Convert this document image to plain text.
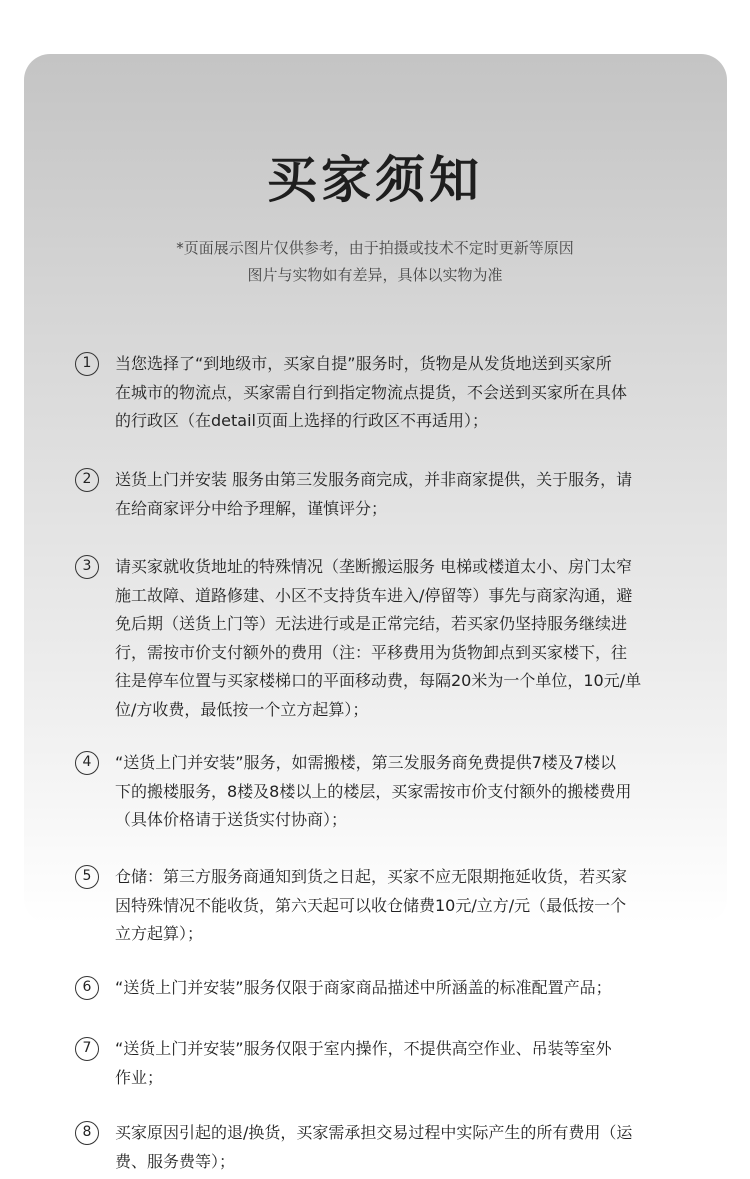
买家须知
*页面展示图片仅供参考，由于拍摄或技术不定时更新等原因
图片与实物如有差异，具体以实物为准
1	当您选择了“到地级市，买家自提”服务时，货物是从发货地送到买家所
在城市的物流点，买家需自行到指定物流点提货，不会送到买家所在具体
的行政区（在detail页面上选择的行政区不再适用）；
2	送货上门并安装 服务由第三发服务商完成，并非商家提供，关于服务，请
在给商家评分中给予理解，谨慎评分；
3	请买家就收货地址的特殊情况（垄断搬运服务 电梯或楼道太小、房门太窄
施工故障、道路修建、小区不支持货车进入/停留等）事先与商家沟通，避
免后期（送货上门等）无法进行或是正常完结，若买家仍坚持服务继续进
行，需按市价支付额外的费用（注：平移费用为货物卸点到买家楼下，往
往是停车位置与买家楼梯口的平面移动费，每隔20米为一个单位，10元/单
位/方收费，最低按一个立方起算）；
4	“送货上门并安装”服务，如需搬楼，第三发服务商免费提供7楼及7楼以
下的搬楼服务，8楼及8楼以上的楼层，买家需按市价支付额外的搬楼费用
（具体价格请于送货实付协商）；
5	仓储：第三方服务商通知到货之日起，买家不应无限期拖延收货，若买家
因特殊情况不能收货，第六天起可以收仓储费10元/立方/元（最低按一个
立方起算）；
6	“送货上门并安装”服务仅限于商家商品描述中所涵盖的标准配置产品；
7	“送货上门并安装”服务仅限于室内操作，不提供高空作业、吊装等室外
作业；
8	买家原因引起的退/换货，买家需承担交易过程中实际产生的所有费用（运
费、服务费等）；
